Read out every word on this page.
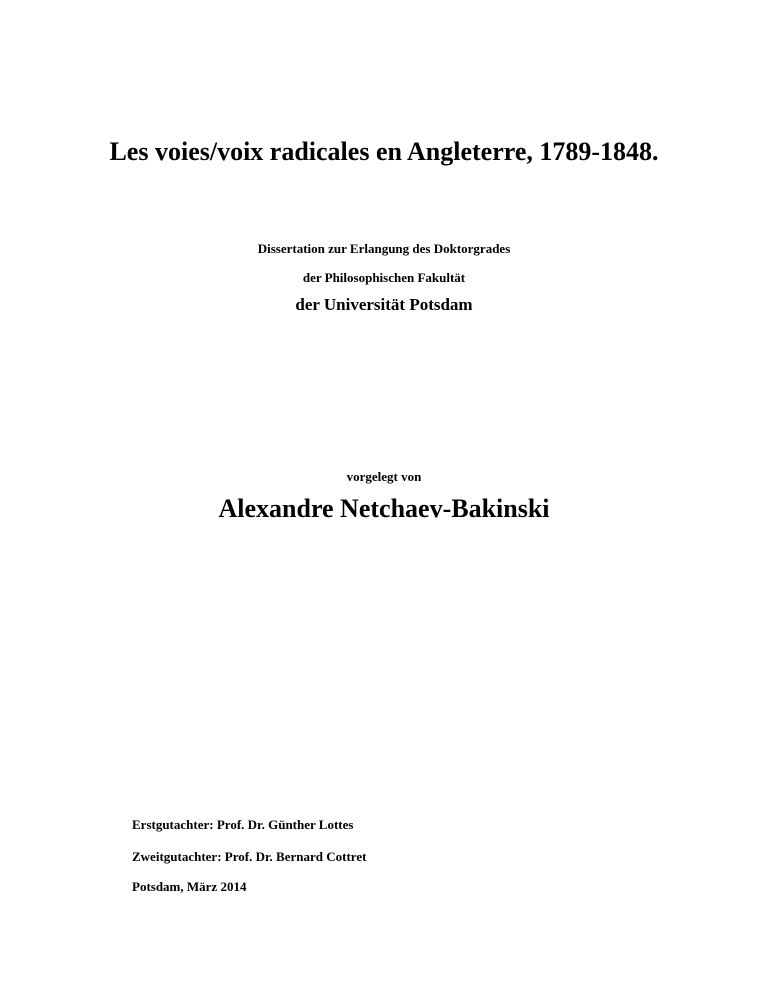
Les voies/voix radicales en Angleterre, 1789-1848.
Dissertation zur Erlangung des Doktorgrades
der Philosophischen Fakultät
der Universität Potsdam
vorgelegt von
Alexandre Netchaev-Bakinski
Erstgutachter: Prof. Dr. Günther Lottes
Zweitgutachter: Prof. Dr. Bernard Cottret
Potsdam, März 2014
